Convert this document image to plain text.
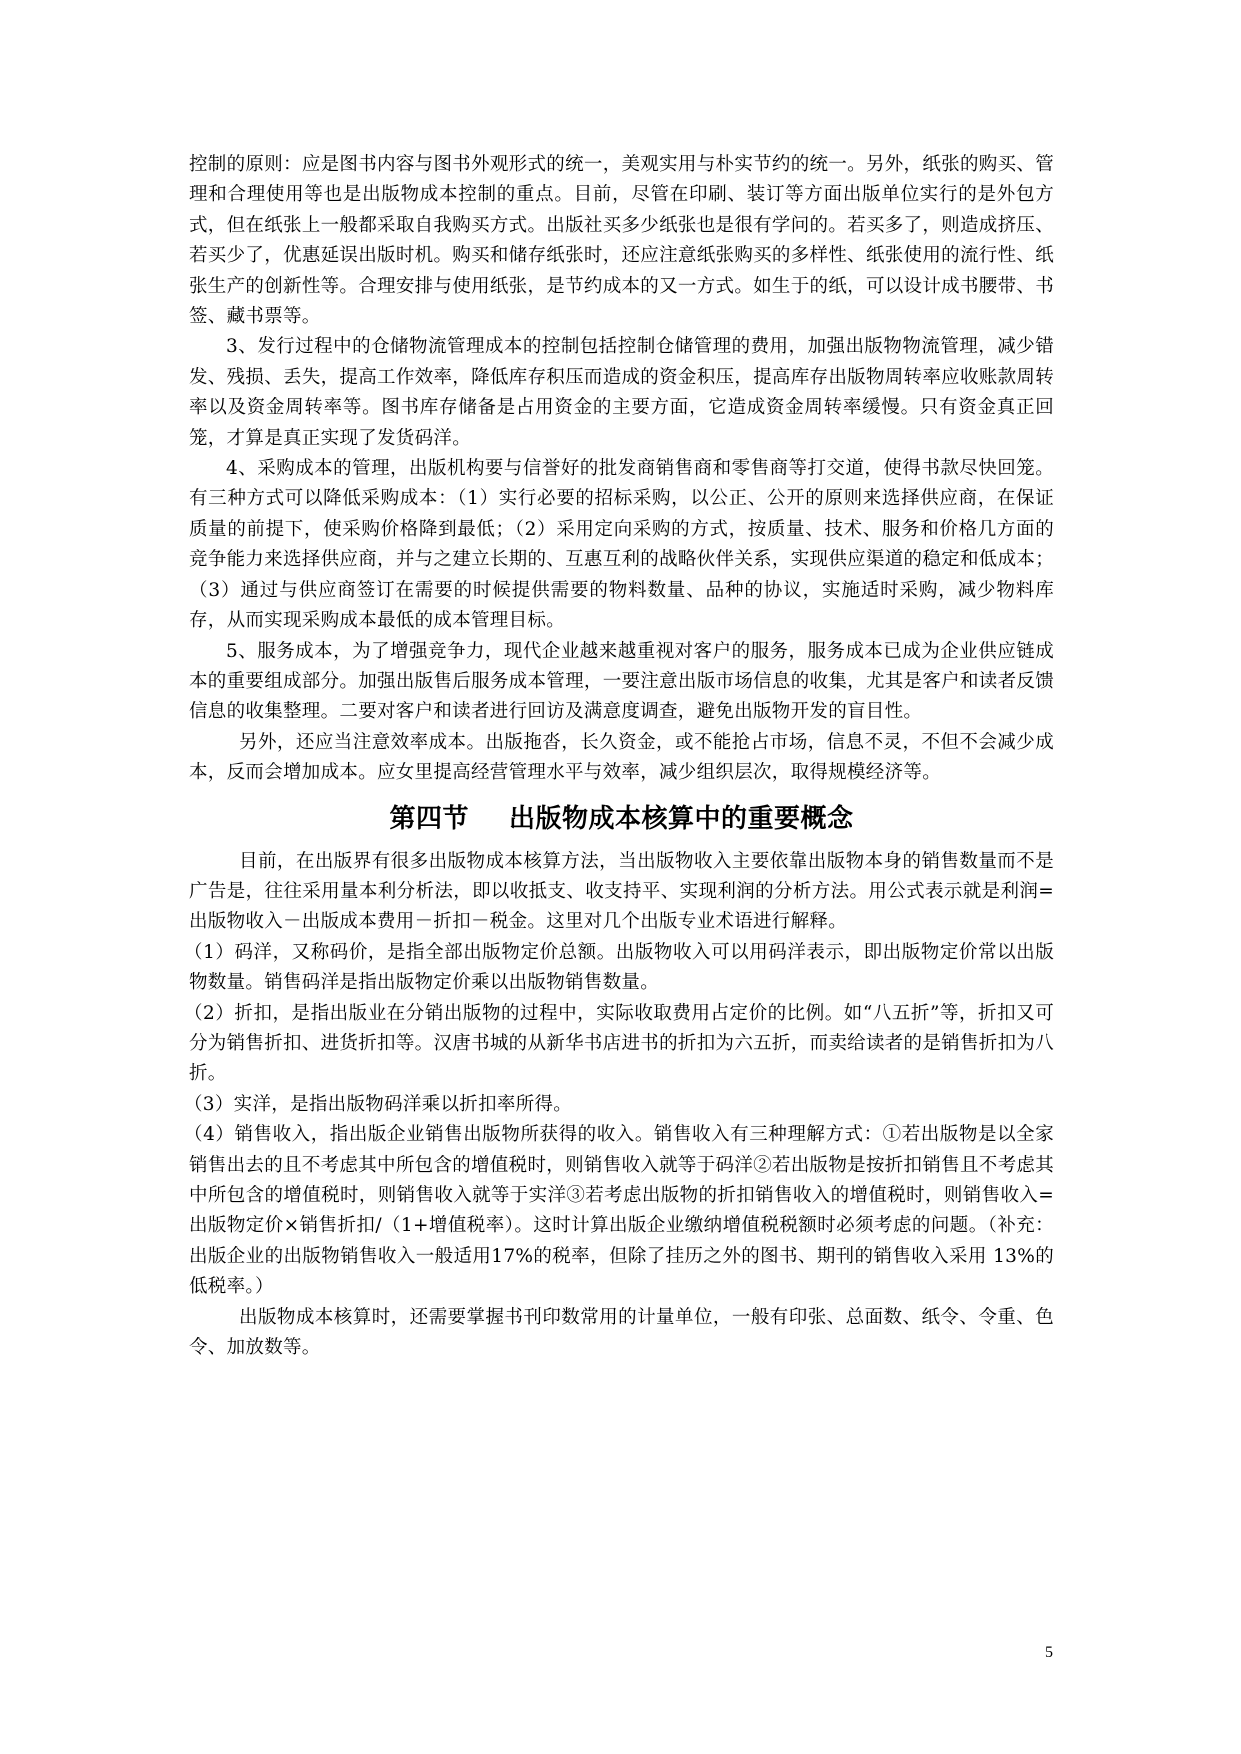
控制的原则：应是图书内容与图书外观形式的统一，美观实用与朴实节约的统一。另外，纸张的购买、管理和合理使用等也是出版物成本控制的重点。目前，尽管在印刷、装订等方面出版单位实行的是外包方式，但在纸张上一般都采取自我购买方式。出版社买多少纸张也是很有学问的。若买多了，则造成挤压、若买少了，优惠延误出版时机。购买和储存纸张时，还应注意纸张购买的多样性、纸张使用的流行性、纸张生产的创新性等。合理安排与使用纸张，是节约成本的又一方式。如生于的纸，可以设计成书腰带、书签、藏书票等。

3、发行过程中的仓储物流管理成本的控制包括控制仓储管理的费用，加强出版物物流管理，减少错发、残损、丢失，提高工作效率，降低库存积压而造成的资金积压，提高库存出版物周转率应收账款周转率以及资金周转率等。图书库存储备是占用资金的主要方面，它造成资金周转率缓慢。只有资金真正回笼，才算是真正实现了发货码洋。

4、采购成本的管理，出版机构要与信誉好的批发商销售商和零售商等打交道，使得书款尽快回笼。有三种方式可以降低采购成本：（1）实行必要的招标采购，以公正、公开的原则来选择供应商，在保证质量的前提下，使采购价格降到最低；（2）采用定向采购的方式，按质量、技术、服务和价格几方面的竞争能力来选择供应商，并与之建立长期的、互惠互利的战略伙伴关系，实现供应渠道的稳定和低成本；（3）通过与供应商签订在需要的时候提供需要的物料数量、品种的协议，实施适时采购，减少物料库存，从而实现采购成本最低的成本管理目标。

5、服务成本，为了增强竞争力，现代企业越来越重视对客户的服务，服务成本已成为企业供应链成本的重要组成部分。加强出版售后服务成本管理，一要注意出版市场信息的收集，尤其是客户和读者反馈信息的收集整理。二要对客户和读者进行回访及满意度调查，避免出版物开发的盲目性。

另外，还应当注意效率成本。出版拖沓，长久资金，或不能抢占市场，信息不灵，不但不会减少成本，反而会增加成本。应女里提高经营管理水平与效率，减少组织层次，取得规模经济等。

第四节 出版物成本核算中的重要概念

目前，在出版界有很多出版物成本核算方法，当出版物收入主要依靠出版物本身的销售数量而不是广告是，往往采用量本利分析法，即以收抵支、收支持平、实现利润的分析方法。用公式表示就是利润=出版物收入－出版成本费用－折扣－税金。这里对几个出版专业术语进行解释。

（1）码洋，又称码价，是指全部出版物定价总额。出版物收入可以用码洋表示，即出版物定价常以出版物数量。销售码洋是指出版物定价乘以出版物销售数量。

（2）折扣，是指出版业在分销出版物的过程中，实际收取费用占定价的比例。如“八五折”等，折扣又可分为销售折扣、进货折扣等。汉唐书城的从新华书店进书的折扣为六五折，而卖给读者的是销售折扣为八折。

（3）实洋，是指出版物码洋乘以折扣率所得。

（4）销售收入，指出版企业销售出版物所获得的收入。销售收入有三种理解方式：①若出版物是以全家销售出去的且不考虑其中所包含的增值税时，则销售收入就等于码洋②若出版物是按折扣销售且不考虑其中所包含的增值税时，则销售收入就等于实洋③若考虑出版物的折扣销售收入的增值税时，则销售收入=出版物定价×销售折扣/（1+增值税率）。这时计算出版企业缴纳增值税税额时必须考虑的问题。（补充：出版企业的出版物销售收入一般适用17%的税率，但除了挂历之外的图书、期刊的销售收入采用 13%的低税率。）

出版物成本核算时，还需要掌握书刊印数常用的计量单位，一般有印张、总面数、纸令、令重、色令、加放数等。

5
